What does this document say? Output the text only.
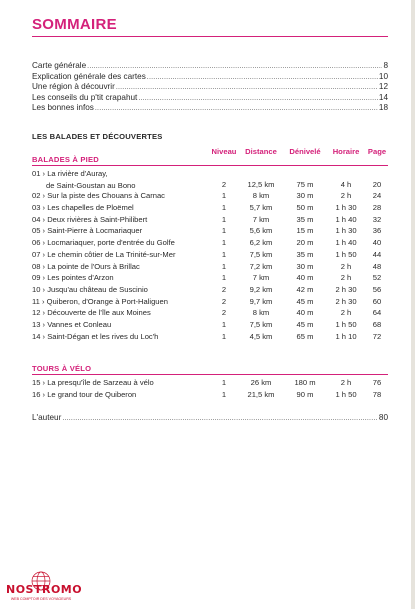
SOMMAIRE
Carte générale .....	8
Explication générale des cartes .....	10
Une région à découvrir .....	12
Les conseils du p'tit crapahut .....	14
Les bonnes infos .....	18
LES BALADES ET DÉCOUVERTES
Niveau	Distance	Dénivelé	Horaire	Page
BALADES À PIED
01 › La rivière d'Auray,
de Saint-Goustan au Bono	2	12,5 km	75 m	4 h	20
02 › Sur la piste des Chouans à Carnac	1	8 km	30 m	2 h	24
03 › Les chapelles de Ploëmel	1	5,7 km	50 m	1 h 30	28
04 › Deux rivières à Saint-Philibert	1	7 km	35 m	1 h 40	32
05 › Saint-Pierre à Locmariaquer	1	5,6 km	15 m	1 h 30	36
06 › Locmariaquer, porte d'entrée du Golfe	1	6,2 km	20 m	1 h 40	40
07 › Le chemin côtier de La Trinité-sur-Mer	1	7,5 km	35 m	1 h 50	44
08 › La pointe de l'Ours à Brillac	1	7,2 km	30 m	2 h	48
09 › Les pointes d'Arzon	1	7 km	40 m	2 h	52
10 › Jusqu'au château de Suscinio	2	9,2 km	42 m	2 h 30	56
11 › Quiberon, d'Orange à Port-Haliguen	2	9,7 km	45 m	2 h 30	60
12 › Découverte de l'île aux Moines	2	8 km	40 m	2 h	64
13 › Vannes et Conleau	1	7,5 km	45 m	1 h 50	68
14 › Saint-Dégan et les rives du Loc'h	1	4,5 km	65 m	1 h 10	72
TOURS À VÉLO
15 › La presqu'île de Sarzeau à vélo	1	26 km	180 m	2 h	76
16 › Le grand tour de Quiberon	1	21,5 km	90 m	1 h 50	78
L'auteur .....	80
NOSTROMO
WEB COMPTOIR DES VOYAGEURS
